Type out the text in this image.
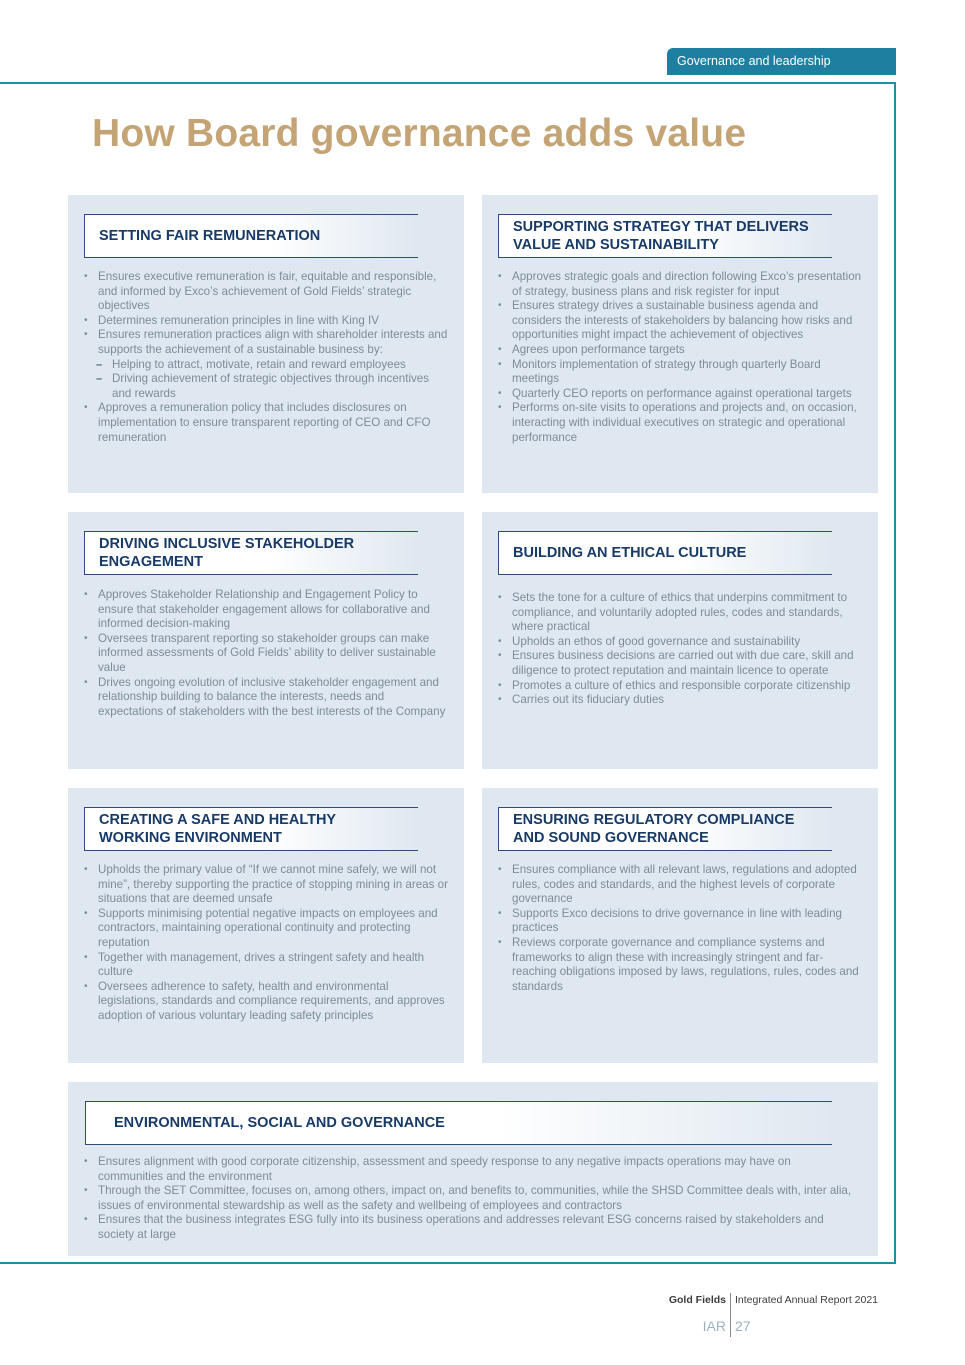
Governance and leadership
How Board governance adds value
SETTING FAIR REMUNERATION
• Ensures executive remuneration is fair, equitable and responsible, and informed by Exco’s achievement of Gold Fields’ strategic objectives
• Determines remuneration principles in line with King IV
• Ensures remuneration practices align with shareholder interests and supports the achievement of a sustainable business by:
– Helping to attract, motivate, retain and reward employees
– Driving achievement of strategic objectives through incentives and rewards
• Approves a remuneration policy that includes disclosures on implementation to ensure transparent reporting of CEO and CFO remuneration
SUPPORTING STRATEGY THAT DELIVERS VALUE AND SUSTAINABILITY
• Approves strategic goals and direction following Exco’s presentation of strategy, business plans and risk register for input
• Ensures strategy drives a sustainable business agenda and considers the interests of stakeholders by balancing how risks and opportunities might impact the achievement of objectives
• Agrees upon performance targets
• Monitors implementation of strategy through quarterly Board meetings
• Quarterly CEO reports on performance against operational targets
• Performs on-site visits to operations and projects and, on occasion, interacting with individual executives on strategic and operational performance
DRIVING INCLUSIVE STAKEHOLDER ENGAGEMENT
• Approves Stakeholder Relationship and Engagement Policy to ensure that stakeholder engagement allows for collaborative and informed decision-making
• Oversees transparent reporting so stakeholder groups can make informed assessments of Gold Fields’ ability to deliver sustainable value
• Drives ongoing evolution of inclusive stakeholder engagement and relationship building to balance the interests, needs and expectations of stakeholders with the best interests of the Company
BUILDING AN ETHICAL CULTURE
• Sets the tone for a culture of ethics that underpins commitment to compliance, and voluntarily adopted rules, codes and standards, where practical
• Upholds an ethos of good governance and sustainability
• Ensures business decisions are carried out with due care, skill and diligence to protect reputation and maintain licence to operate
• Promotes a culture of ethics and responsible corporate citizenship
• Carries out its fiduciary duties
CREATING A SAFE AND HEALTHY WORKING ENVIRONMENT
• Upholds the primary value of “If we cannot mine safely, we will not mine”, thereby supporting the practice of stopping mining in areas or situations that are deemed unsafe
• Supports minimising potential negative impacts on employees and contractors, maintaining operational continuity and protecting reputation
• Together with management, drives a stringent safety and health culture
• Oversees adherence to safety, health and environmental legislations, standards and compliance requirements, and approves adoption of various voluntary leading safety principles
ENSURING REGULATORY COMPLIANCE AND SOUND GOVERNANCE
• Ensures compliance with all relevant laws, regulations and adopted rules, codes and standards, and the highest levels of corporate governance
• Supports Exco decisions to drive governance in line with leading practices
• Reviews corporate governance and compliance systems and frameworks to align these with increasingly stringent and far-reaching obligations imposed by laws, regulations, rules, codes and standards
ENVIRONMENTAL, SOCIAL AND GOVERNANCE
• Ensures alignment with good corporate citizenship, assessment and speedy response to any negative impacts operations may have on communities and the environment
• Through the SET Committee, focuses on, among others, impact on, and benefits to, communities, while the SHSD Committee deals with, inter alia, issues of environmental stewardship as well as the safety and wellbeing of employees and contractors
• Ensures that the business integrates ESG fully into its business operations and addresses relevant ESG concerns raised by stakeholders and society at large
Gold Fields Integrated Annual Report 2021
IAR 27
